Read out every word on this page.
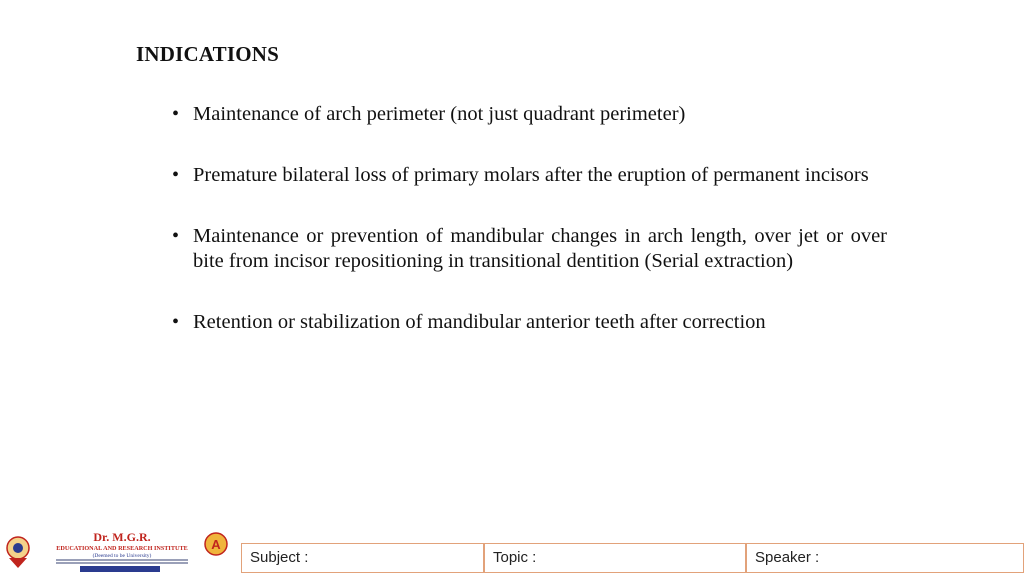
INDICATIONS
• Maintenance of arch perimeter (not just quadrant perimeter)
• Premature bilateral loss of primary molars after the eruption of permanent incisors
• Maintenance or prevention of mandibular changes in arch length, over jet or over bite from incisor repositioning in transitional dentition (Serial extraction)
• Retention or stabilization of mandibular anterior teeth after correction
Dr. M.G.R.
EDUCATIONAL AND RESEARCH INSTITUTE
(Deemed to be University)
A
Subject :	Topic :	Speaker :
